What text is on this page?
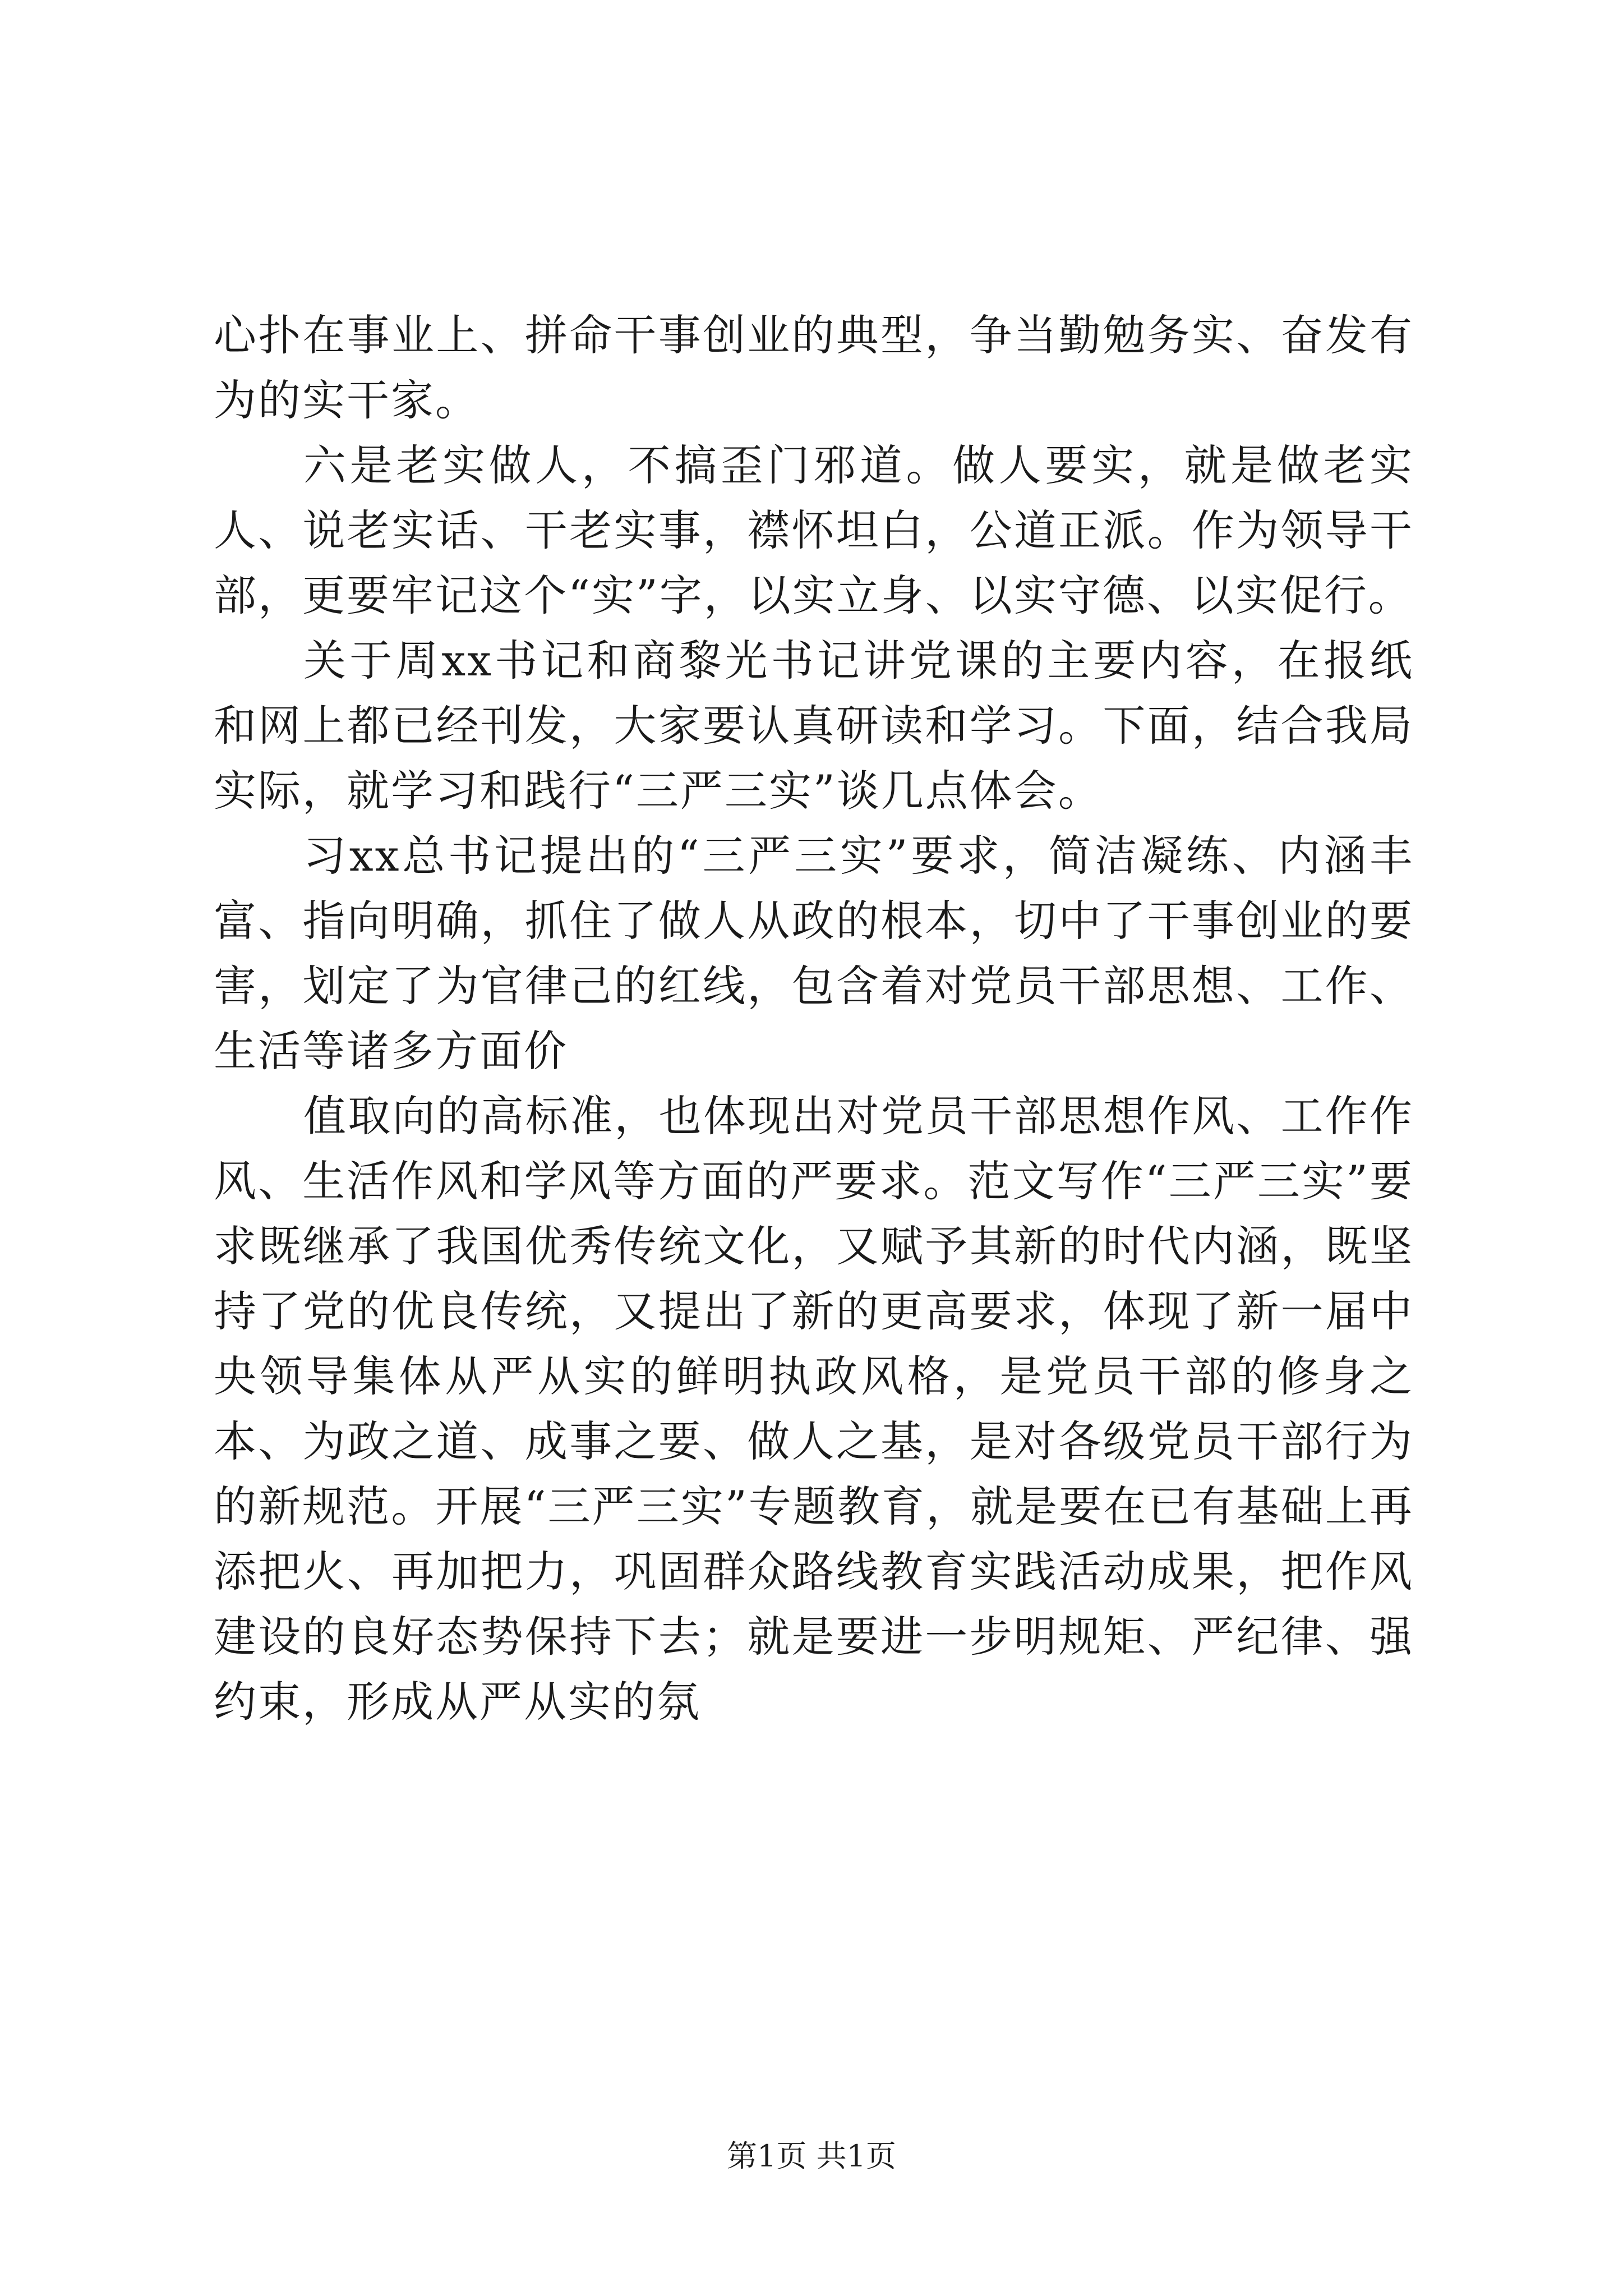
心扑在事业上、拼命干事创业的典型，争当勤勉务实、奋发有为的实干家。

六是老实做人，不搞歪门邪道。做人要实，就是做老实人、说老实话、干老实事，襟怀坦白，公道正派。作为领导干部，更要牢记这个“实”字，以实立身、以实守德、以实促行。

关于周xx书记和商黎光书记讲党课的主要内容，在报纸和网上都已经刊发，大家要认真研读和学习。下面，结合我局实际，就学习和践行“三严三实”谈几点体会。

习xx总书记提出的“三严三实”要求，简洁凝练、内涵丰富、指向明确，抓住了做人从政的根本，切中了干事创业的要害，划定了为官律己的红线，包含着对党员干部思想、工作、生活等诸多方面价

值取向的高标准，也体现出对党员干部思想作风、工作作风、生活作风和学风等方面的严要求。范文写作“三严三实”要求既继承了我国优秀传统文化，又赋予其新的时代内涵，既坚持了党的优良传统，又提出了新的更高要求，体现了新一届中央领导集体从严从实的鲜明执政风格，是党员干部的修身之本、为政之道、成事之要、做人之基，是对各级党员干部行为的新规范。开展“三严三实”专题教育，就是要在已有基础上再添把火、再加把力，巩固群众路线教育实践活动成果，把作风建设的良好态势保持下去；就是要进一步明规矩、严纪律、强约束，形成从严从实的氛

第1页 共1页
